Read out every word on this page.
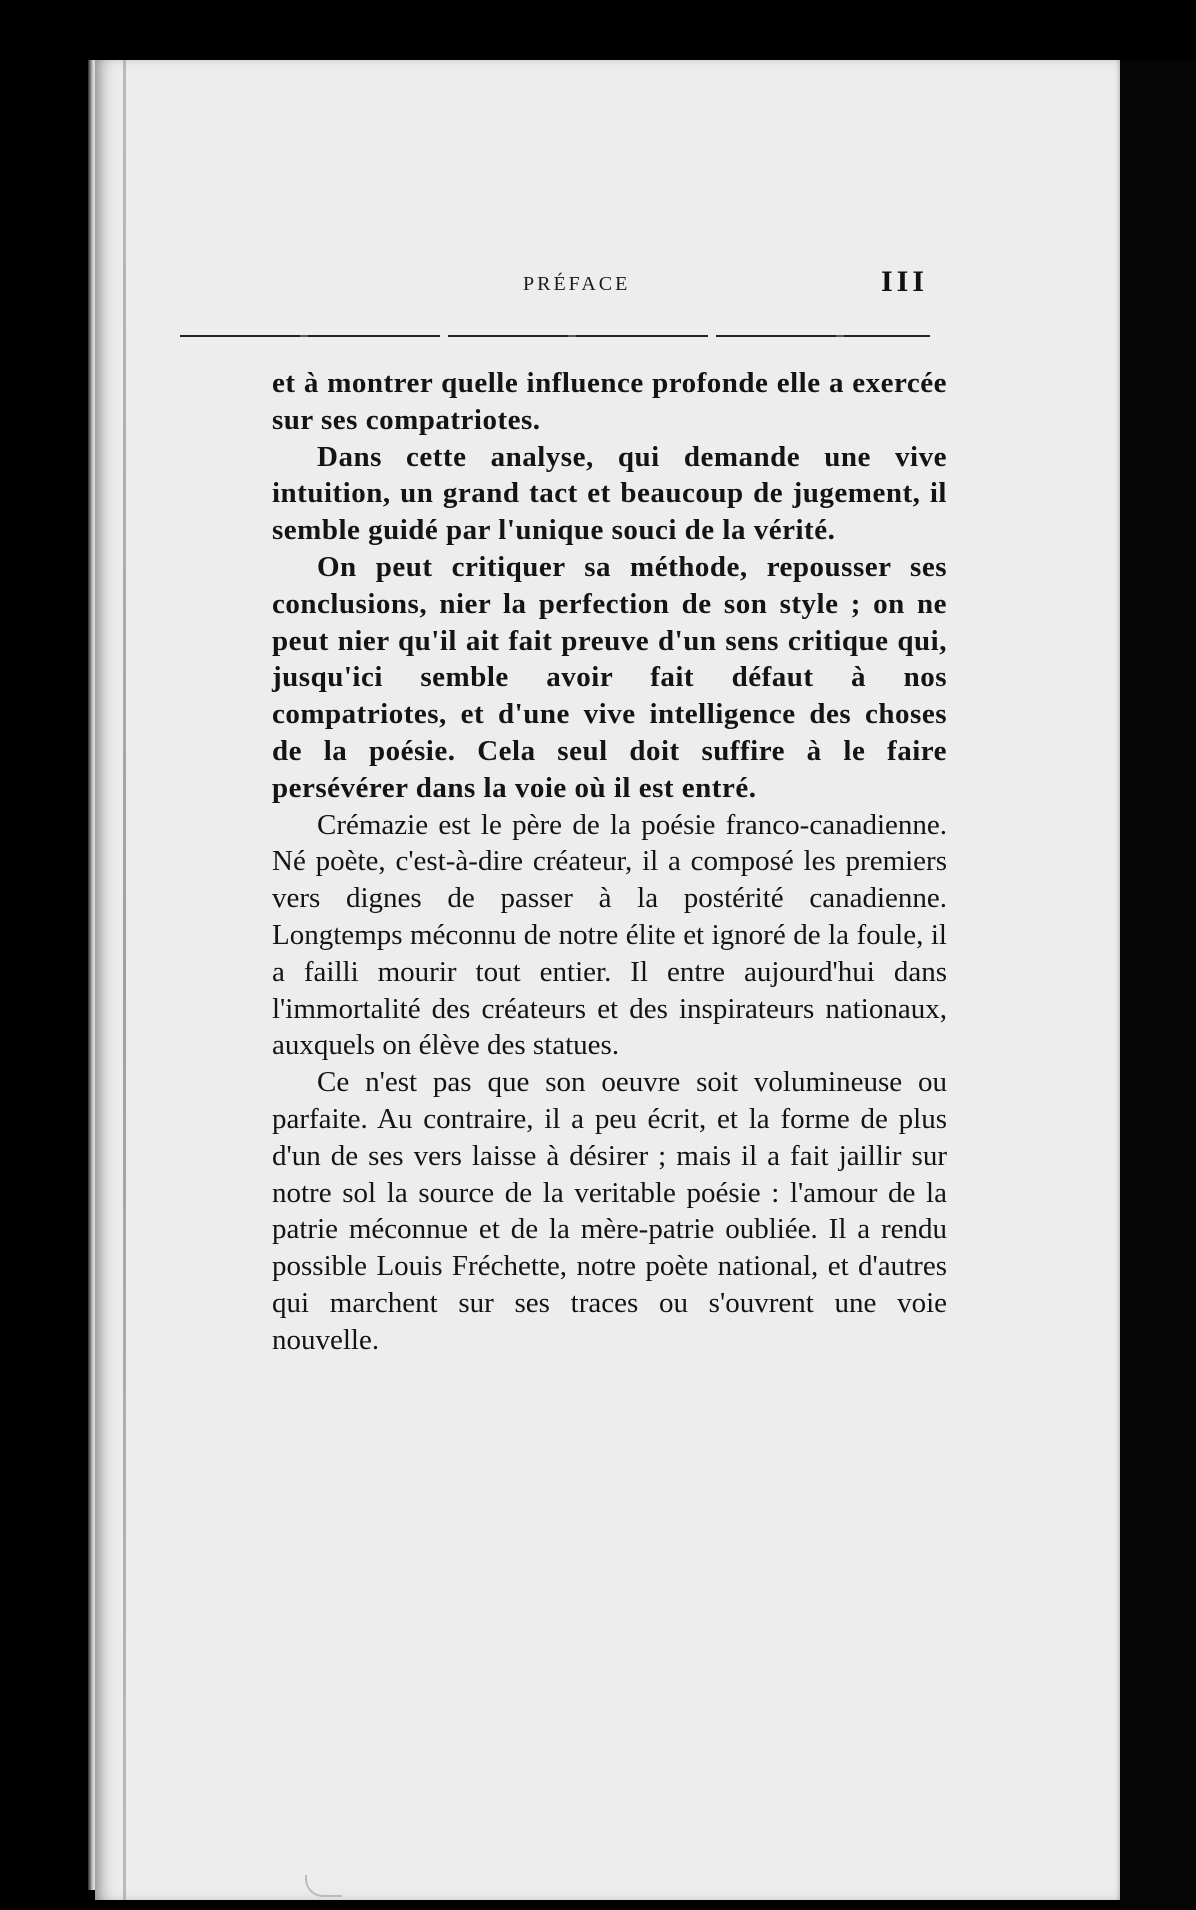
PRÉFACE	III

et à montrer quelle influence profonde elle a exercée sur ses compatriotes.

Dans cette analyse, qui demande une vive intuition, un grand tact et beaucoup de jugement, il semble guidé par l'unique souci de la vérité.

On peut critiquer sa méthode, repousser ses conclusions, nier la perfection de son style ; on ne peut nier qu'il ait fait preuve d'un sens critique qui, jusqu'ici semble avoir fait défaut à nos compatriotes, et d'une vive intelligence des choses de la poésie. Cela seul doit suffire à le faire persévérer dans la voie où il est entré.

Crémazie est le père de la poésie franco-canadienne. Né poète, c'est-à-dire créateur, il a composé les premiers vers dignes de passer à la postérité canadienne. Longtemps méconnu de notre élite et ignoré de la foule, il a failli mourir tout entier. Il entre aujourd'hui dans l'immortalité des créateurs et des inspirateurs nationaux, auxquels on élève des statues.

Ce n'est pas que son oeuvre soit volumineuse ou parfaite. Au contraire, il a peu écrit, et la forme de plus d'un de ses vers laisse à désirer ; mais il a fait jaillir sur notre sol la source de la veritable poésie : l'amour de la patrie méconnue et de la mère-patrie oubliée. Il a rendu possible Louis Fréchette, notre poète national, et d'autres qui marchent sur ses traces ou s'ouvrent une voie nouvelle.
